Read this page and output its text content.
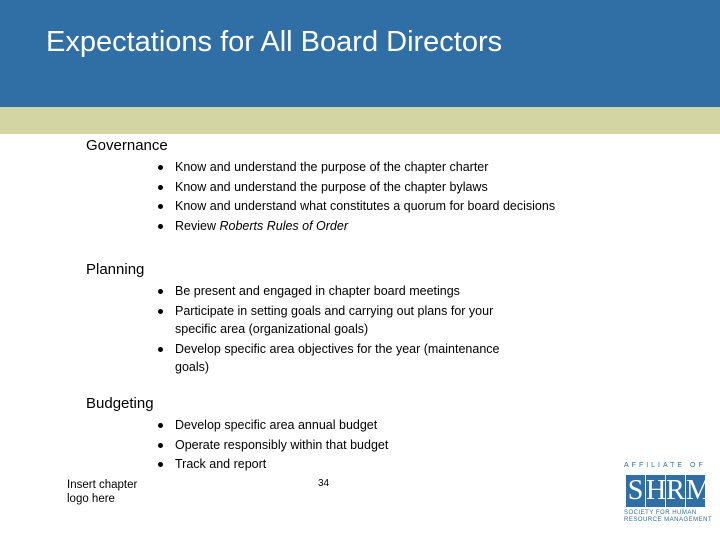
Expectations for All Board Directors
Governance
Know and understand the purpose of the chapter charter
Know and understand the purpose of the chapter bylaws
Know and understand what constitutes a quorum for board decisions
Review Roberts Rules of Order
Planning
Be present and engaged in chapter board meetings
Participate in setting goals and carrying out plans for your specific area (organizational goals)
Develop specific area objectives for the year (maintenance goals)
Budgeting
Develop specific area annual budget
Operate responsibly within that budget
Track and report
Insert chapter
logo here
34
AFFILIATE OF
S H R M
SOCIETY FOR HUMAN
RESOURCE MANAGEMENT
